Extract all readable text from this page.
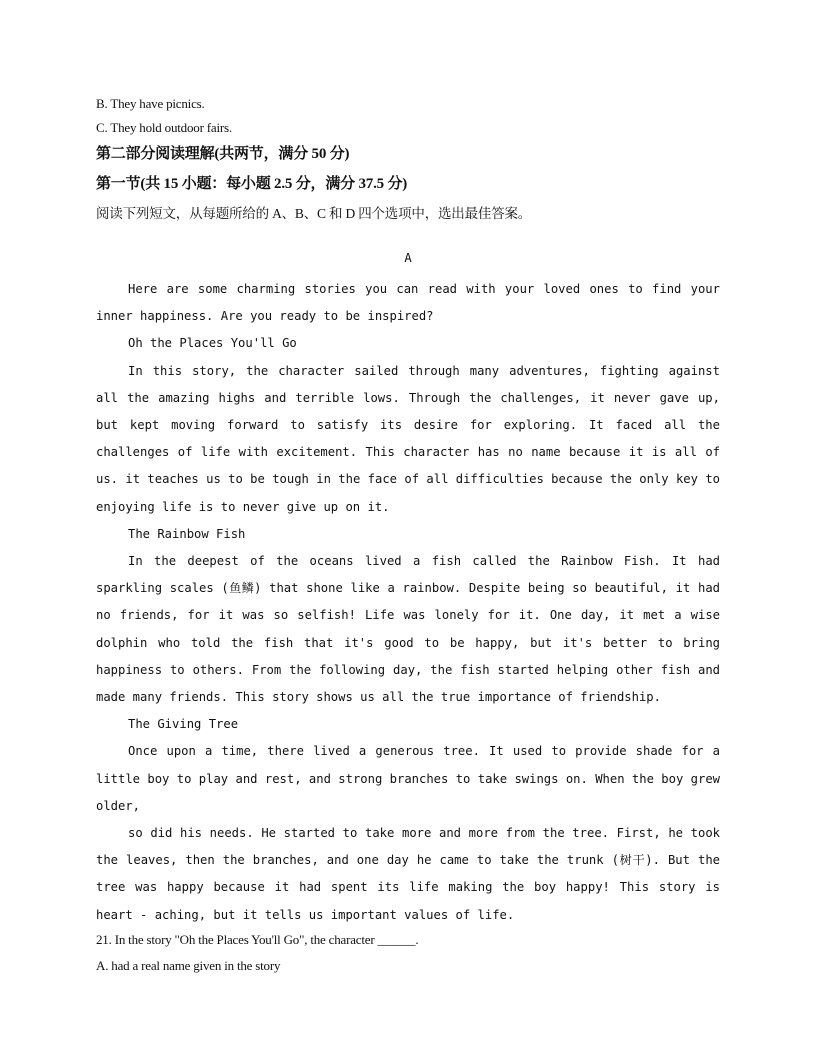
B. They have picnics.

C. They hold outdoor fairs.

第二部分阅读理解(共两节，满分 50 分)

第一节(共 15 小题：每小题 2.5 分，满分 37.5 分)

阅读下列短文，从每题所给的 A、B、C 和 D 四个选项中，选出最佳答案。

A

Here are some charming stories you can read with your loved ones to find your inner happiness. Are you ready to be inspired?

Oh the Places You'll Go

In this story, the character sailed through many adventures, fighting against all the amazing highs and terrible lows. Through the challenges, it never gave up, but kept moving forward to satisfy its desire for exploring. It faced all the challenges of life with excitement. This character has no name because it is all of us. it teaches us to be tough in the face of all difficulties because the only key to enjoying life is to never give up on it.

The Rainbow Fish

In the deepest of the oceans lived a fish called the Rainbow Fish. It had sparkling scales (鱼鳞) that shone like a rainbow. Despite being so beautiful, it had no friends, for it was so selfish! Life was lonely for it. One day, it met a wise dolphin who told the fish that it's good to be happy, but it's better to bring happiness to others. From the following day, the fish started helping other fish and made many friends. This story shows us all the true importance of friendship.

The Giving Tree

Once upon a time, there lived a generous tree. It used to provide shade for a little boy to play and rest, and strong branches to take swings on. When the boy grew older,

so did his needs. He started to take more and more from the tree. First, he took the leaves, then the branches, and one day he came to take the trunk (树干). But the tree was happy because it had spent its life making the boy happy! This story is heart - aching, but it tells us important values of life.

21. In the story "Oh the Places You'll Go", the character ______.

A. had a real name given in the story
